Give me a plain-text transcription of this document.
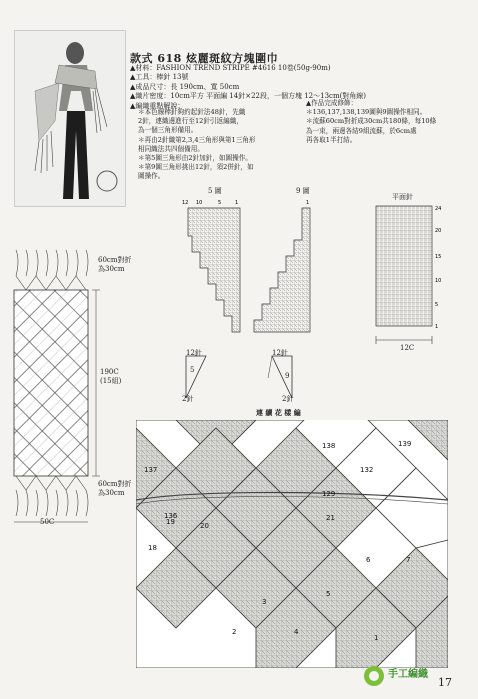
款式 618 炫麗斑紋方塊圍巾
▲材料：FASHION TREND STRIPE #4616 10卷(50g-90m)
▲工具：棒針 13號
▲成品尺寸：長 190cm、寬 50cm
▲織片密度：10cm平方 平面編 14針×22段，一個方塊 12～13cm(對角線)
▲編織重點解說：
＊本色線棒針夠約起針法48針，先織
2針，連織邊進行至12針引返編織，
為一個三角形備用。
＊再由2針織第2,3,4三角形與第1三角形
相同織法共四個備用。
＊第5圖三角形由2針加針，如圖操作。
＊第9圖三角形挑出12針，須2併針，如
圖操作。
▲作品完成修飾：
＊136,137,138,139圖與9圖操作相同。
＊流蘇60cm對折成30cm共180條，每10條
為一束，兩邊各結9組流蘇，於6cm處
再各取1半打結。
5 圖	9 圖
平面針
12 10	5	1	1
24
20
15
10
5
1
12C
12針
5
2針
12針
9
2針
60cm對折
為30cm
190C
(15組)
60cm對折
為30cm
50C
連 續 花 樣 編
138	139
137	132
136
129
21
20
19
18
7
6
5
3
4
2
1
手工編織
17
